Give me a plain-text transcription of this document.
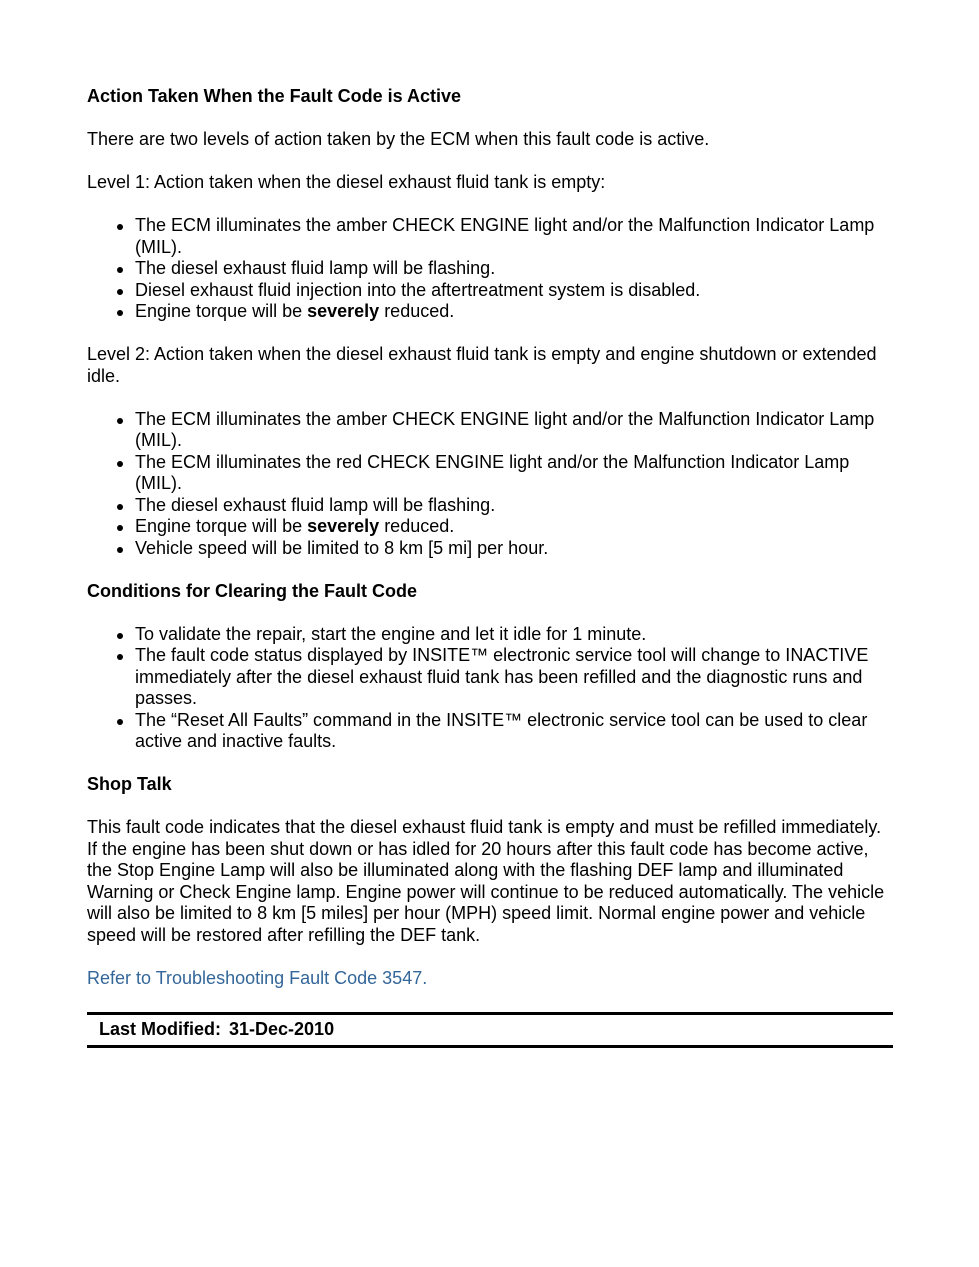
Action Taken When the Fault Code is Active
There are two levels of action taken by the ECM when this fault code is active.
Level 1: Action taken when the diesel exhaust fluid tank is empty:
The ECM illuminates the amber CHECK ENGINE light and/or the Malfunction Indicator Lamp (MIL).
The diesel exhaust fluid lamp will be flashing.
Diesel exhaust fluid injection into the aftertreatment system is disabled.
Engine torque will be severely reduced.
Level 2: Action taken when the diesel exhaust fluid tank is empty and engine shutdown or extended idle.
The ECM illuminates the amber CHECK ENGINE light and/or the Malfunction Indicator Lamp (MIL).
The ECM illuminates the red CHECK ENGINE light and/or the Malfunction Indicator Lamp (MIL).
The diesel exhaust fluid lamp will be flashing.
Engine torque will be severely reduced.
Vehicle speed will be limited to 8 km [5 mi] per hour.
Conditions for Clearing the Fault Code
To validate the repair, start the engine and let it idle for 1 minute.
The fault code status displayed by INSITE™ electronic service tool will change to INACTIVE immediately after the diesel exhaust fluid tank has been refilled and the diagnostic runs and passes.
The “Reset All Faults” command in the INSITE™ electronic service tool can be used to clear active and inactive faults.
Shop Talk
This fault code indicates that the diesel exhaust fluid tank is empty and must be refilled immediately. If the engine has been shut down or has idled for 20 hours after this fault code has become active, the Stop Engine Lamp will also be illuminated along with the flashing DEF lamp and illuminated Warning or Check Engine lamp. Engine power will continue to be reduced automatically. The vehicle will also be limited to 8 km [5 miles] per hour (MPH) speed limit. Normal engine power and vehicle speed will be restored after refilling the DEF tank.
Refer to Troubleshooting Fault Code 3547.
Last Modified: 31-Dec-2010
